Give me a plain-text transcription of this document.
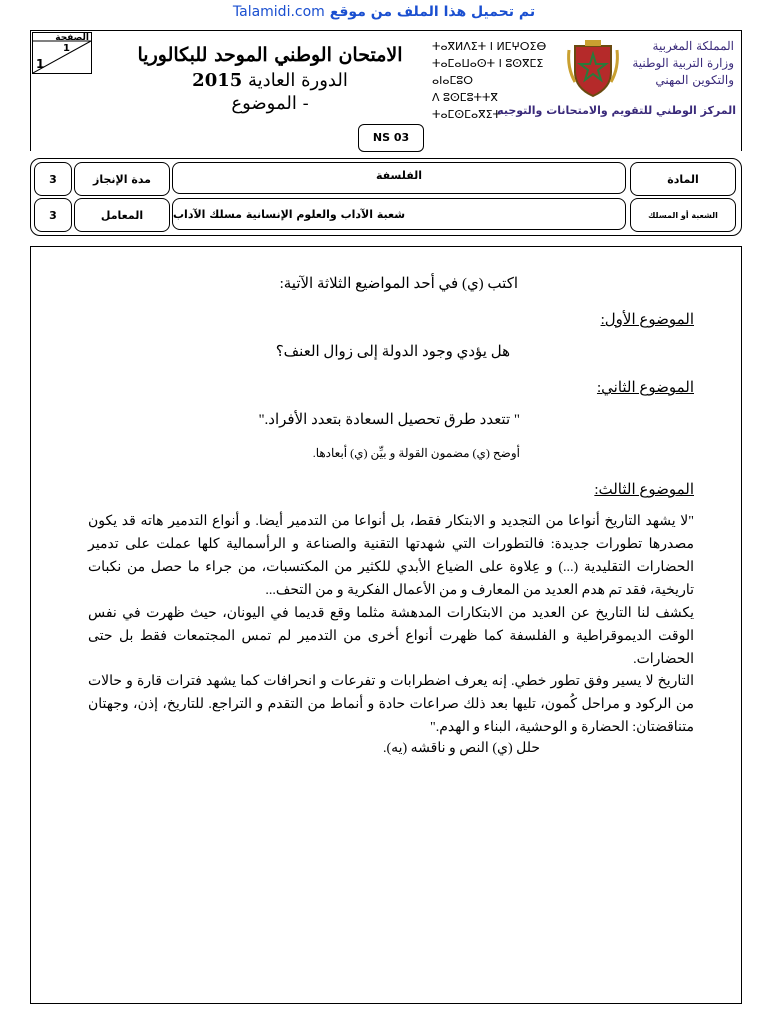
Talamidi.com تم تحميل هذا الملف من موقع
الصفحة
1
1	الامتحان الوطني الموحد للبكالوريا
الدورة العادية 2015
- الموضوع
NS 03
ⵜⴰⴳⵍⴷⵉⵜ ⵏ ⵍⵎⵖⵔⵉⴱ
ⵜⴰⵎⴰⵡⴰⵙⵜ ⵏ ⵓⵙⴳⵎⵉ ⴰⵏⴰⵎⵓⵔ
ⴷ ⵓⵙⵎⵓⵜⵜⴳ ⵜⴰⵎⵙⵎⴰⴳⵉⵜ
المملكة المغربية
وزارة التربية الوطنية
والتكوين المهني
المركز الوطني للتقويم والامتحانات والتوجيه
المادة
الفلسفة
مدة الإنجاز
3
الشعبة أو المسلك
شعبة الآداب والعلوم الإنسانية مسلك الآداب
المعامل
3
اكتب (ي) في أحد المواضيع الثلاثة الآتية:
الموضوع الأول:
هل يؤدي وجود الدولة إلى زوال العنف؟
الموضوع الثاني:
" تتعدد طرق تحصيل السعادة بتعدد الأفراد."
أوضح (ي) مضمون القولة و بيِّن (ي) أبعادها.
الموضوع الثالث:
"لا يشهد التاريخ أنواعا من التجديد و الابتكار فقط، بل أنواعا من التدمير أيضا. و أنواع التدمير هاته قد يكون مصدرها تطورات جديدة: فالتطورات التي شهدتها التقنية والصناعة و الرأسمالية كلها عملت على تدمير الحضارات التقليدية (...) و عِلاوة على الضياع الأبدي للكثير من المكتسبات، من جراء ما حصل من نكبات تاريخية، فقد تم هدم العديد من المعارف و من الأعمال الفكرية و من التحف...
يكشف لنا التاريخ عن العديد من الابتكارات المدهشة مثلما وقع قديما في اليونان، حيث ظهرت في نفس الوقت الديموقراطية و الفلسفة كما ظهرت أنواع أخرى من التدمير لم تمس المجتمعات فقط بل حتى الحضارات.
التاريخ لا يسير وفق تطور خطي. إنه يعرف اضطرابات و تفرعات و انحرافات كما يشهد فترات قارة و حالات من الركود و مراحل كُمون، تليها بعد ذلك صراعات حادة و أنماط من التقدم و التراجع. للتاريخ، إذن، وجهتان متناقضتان: الحضارة و الوحشية، البناء و الهدم."
حلل (ي) النص و ناقشه (يه).
